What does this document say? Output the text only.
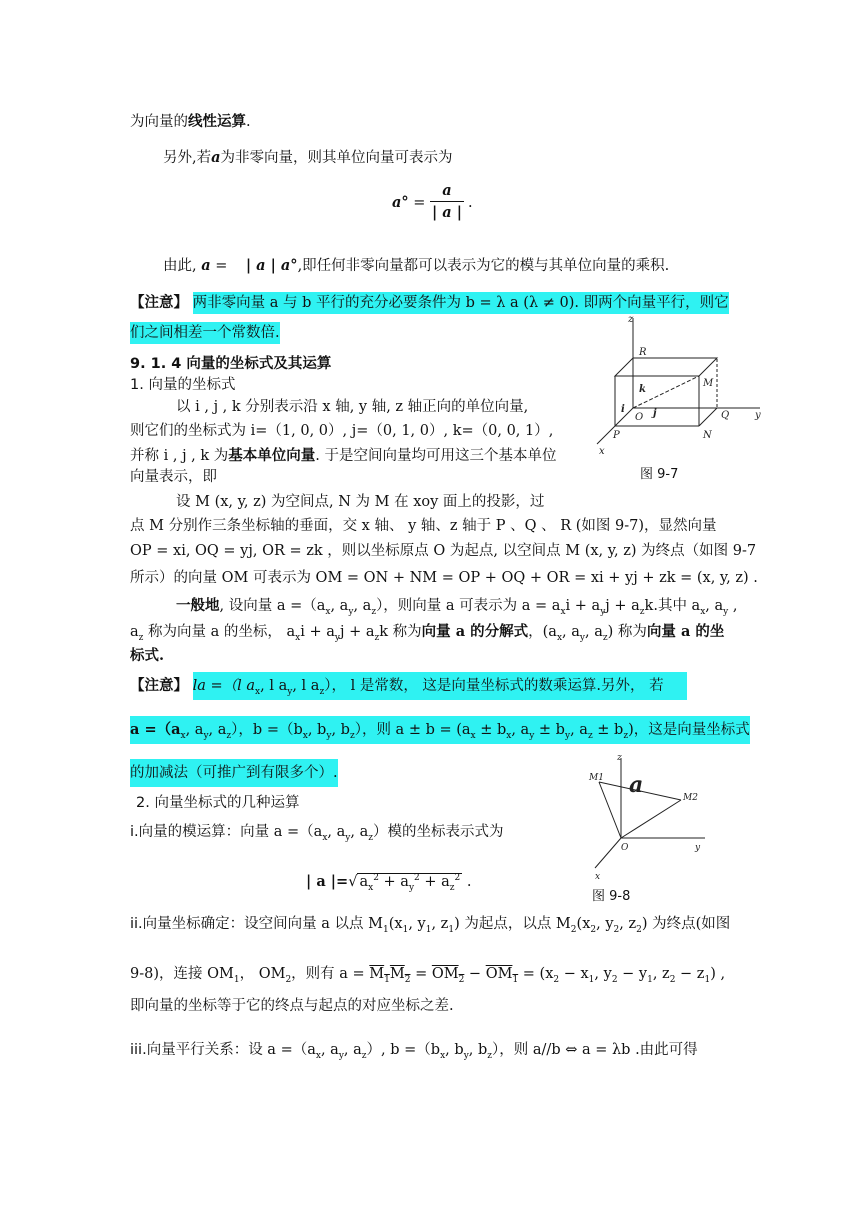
为向量的线性运算.
另外,若a为非零向量，则其单位向量可表示为
a° =
a
| a |
.
由此, a = | a | a°,即任何非零向量都可以表示为它的模与其单位向量的乘积.
【注意】 两非零向量 a 与 b 平行的充分必要条件为 b = λ a (λ ≠ 0). 即两个向量平行，则它
们之间相差一个常数倍.
9. 1. 4 向量的坐标式及其运算
1. 向量的坐标式
以 i , j , k 分别表示沿 x 轴, y 轴, z 轴正向的单位向量,
则它们的坐标式为 i=（1, 0, 0）, j=（0, 1, 0）, k=（0, 0, 1）,
并称 i , j , k 为基本单位向量. 于是空间向量均可用这三个基本单位
向量表示，即
设 M (x, y, z) 为空间点, N 为 M 在 xoy 面上的投影，过
点 M 分别作三条坐标轴的垂面，交 x 轴、 y 轴、z 轴于 P 、Q 、 R (如图 9-7)，显然向量
OP = xi, OQ = yj, OR = zk ，则以坐标原点 O 为起点, 以空间点 M (x, y, z) 为终点（如图 9-7
所示）的向量 OM 可表示为 OM = ON + NM = OP + OQ + OR = xi + yj + zk = (x, y, z) .
一般地, 设向量 $a =(a_x$, $a_y$, $a_z$），则向量 a 可表示为 $a = a_xi + a_yj + a_zk$.其中 $a_x$, $a_y$ ,
$a_z$ 称为向量 a 的坐标， $a_xi + a_yj + a_zk$ 称为向量 a 的分解式，($a_x$, $a_y$, $a_z$) 称为向量 a 的坐
标式.
【注意】 la =（l $a_x$, l $a_y$, l $a_z$）， l 是常数， 这是向量坐标式的数乘运算.另外， 若
$a =(a_x$, $a_y$, $a_z$），$b =(b_x$, $b_y$, $b_z$），则 $a \pm b = (a_x \pm b_x$, $a_y \pm b_y$, $a_z \pm b_z$)，这是向量坐标式
的加减法（可推广到有限多个）.
2. 向量坐标式的几种运算
i.向量的模运算：向量 $a =(a_x$, $a_y$, $a_z$）模的坐标表示式为
| a |=√ $a_x^2 + a_y^2 + a_z^2$ .
ii.向量坐标确定：设空间向量 a 以点 $M_1(x_1$, $y_1$, $z_1$) 为起点，以点 $M_2(x_2$, $y_2$, $z_2$) 为终点(如图
9-8)，连接 $OM_1$， $OM_2$，则有 $a = M_1M_2 = OM_2 - OM_1 = (x_2 - x_1$, $y_2 - y_1$, $z_2 - z_1$) ,
即向量的坐标等于它的终点与起点的对应坐标之差.
iii.向量平行关系：设 $a =(a_x$, $a_y$, $a_z$）, $b =(b_x$, $b_y$, $b_z$），则 a//b ⇔ a = λb .由此可得
z
R
M
k
i
O j	Q	y
P	N
x
图 9-7
z
M1 a	M2
O	y
x
图 9-8
